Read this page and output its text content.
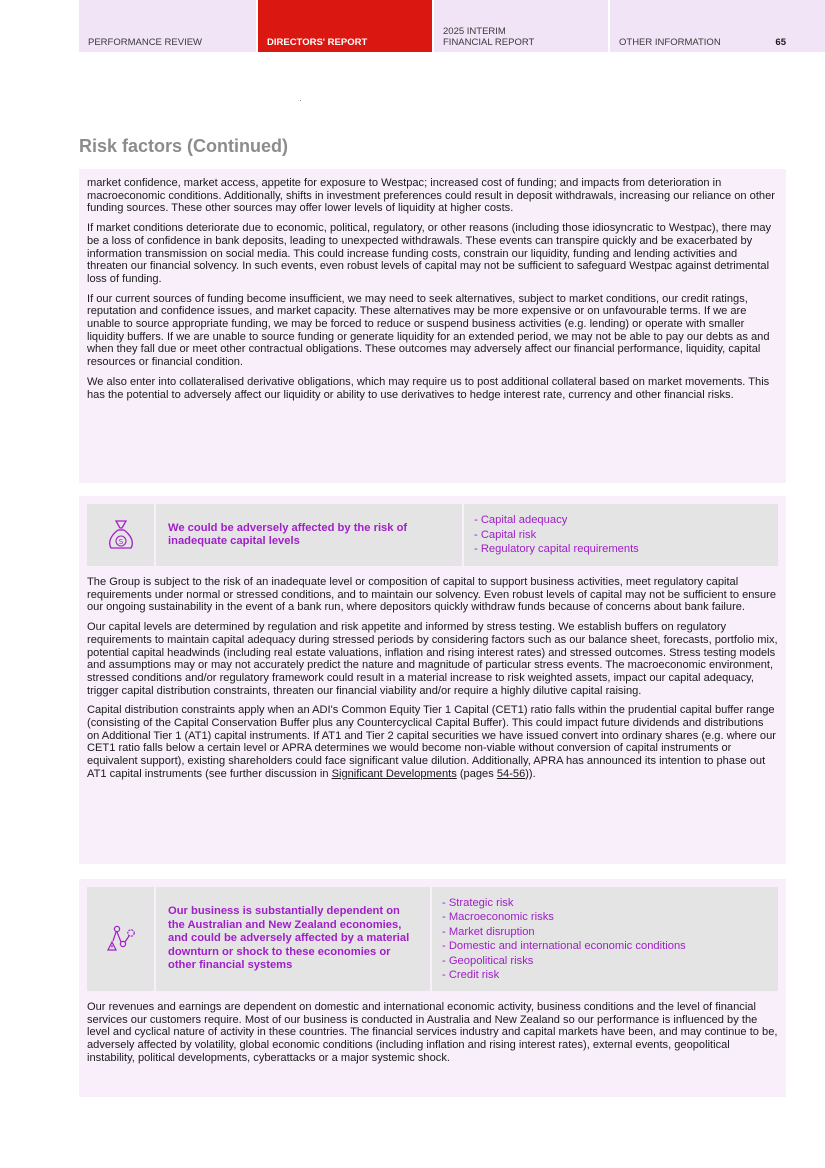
PERFORMANCE REVIEW	DIRECTORS' REPORT
2025 INTERIM
FINANCIAL REPORT	OTHER INFORMATION	65
Risk factors (Continued)

market confidence, market access, appetite for exposure to Westpac; increased cost of funding; and impacts from deterioration in macroeconomic conditions. Additionally, shifts in investment preferences could result in deposit withdrawals, increasing our reliance on other funding sources. These other sources may offer lower levels of liquidity at higher costs.

If market conditions deteriorate due to economic, political, regulatory, or other reasons (including those idiosyncratic to Westpac), there may be a loss of confidence in bank deposits, leading to unexpected withdrawals. These events can transpire quickly and be exacerbated by information transmission on social media. This could increase funding costs, constrain our liquidity, funding and lending activities and threaten our financial solvency. In such events, even robust levels of capital may not be sufficient to safeguard Westpac against detrimental loss of funding.

If our current sources of funding become insufficient, we may need to seek alternatives, subject to market conditions, our credit ratings, reputation and confidence issues, and market capacity. These alternatives may be more expensive or on unfavourable terms. If we are unable to source appropriate funding, we may be forced to reduce or suspend business activities (e.g. lending) or operate with smaller liquidity buffers. If we are unable to source funding or generate liquidity for an extended period, we may not be able to pay our debts as and when they fall due or meet other contractual obligations. These outcomes may adversely affect our financial performance, liquidity, capital resources or financial condition.

We also enter into collateralised derivative obligations, which may require us to post additional collateral based on market movements. This has the potential to adversely affect our liquidity or ability to use derivatives to hedge interest rate, currency and other financial risks.

S
We could be adversely affected by the risk of inadequate capital levels
- Capital adequacy
- Capital risk
- Regulatory capital requirements

The Group is subject to the risk of an inadequate level or composition of capital to support business activities, meet regulatory capital requirements under normal or stressed conditions, and to maintain our solvency. Even robust levels of capital may not be sufficient to ensure our ongoing sustainability in the event of a bank run, where depositors quickly withdraw funds because of concerns about bank failure.

Our capital levels are determined by regulation and risk appetite and informed by stress testing. We establish buffers on regulatory requirements to maintain capital adequacy during stressed periods by considering factors such as our balance sheet, forecasts, portfolio mix, potential capital headwinds (including real estate valuations, inflation and rising interest rates) and stressed outcomes. Stress testing models and assumptions may or may not accurately predict the nature and magnitude of particular stress events. The macroeconomic environment, stressed conditions and/or regulatory framework could result in a material increase to risk weighted assets, impact our capital adequacy, trigger capital distribution constraints, threaten our financial viability and/or require a highly dilutive capital raising.

Capital distribution constraints apply when an ADI's Common Equity Tier 1 Capital (CET1) ratio falls within the prudential capital buffer range (consisting of the Capital Conservation Buffer plus any Countercyclical Capital Buffer). This could impact future dividends and distributions on Additional Tier 1 (AT1) capital instruments. If AT1 and Tier 2 capital securities we have issued convert into ordinary shares (e.g. where our CET1 ratio falls below a certain level or APRA determines we would become non-viable without conversion of capital instruments or equivalent support), existing shareholders could face significant value dilution. Additionally, APRA has announced its intention to phase out AT1 capital instruments (see further discussion in Significant Developments (pages 54-56)).

Our business is substantially dependent on the Australian and New Zealand economies, and could be adversely affected by a material downturn or shock to these economies or other financial systems
- Strategic risk
- Macroeconomic risks
- Market disruption
- Domestic and international economic conditions
- Geopolitical risks
- Credit risk

Our revenues and earnings are dependent on domestic and international economic activity, business conditions and the level of financial services our customers require. Most of our business is conducted in Australia and New Zealand so our performance is influenced by the level and cyclical nature of activity in these countries. The financial services industry and capital markets have been, and may continue to be, adversely affected by volatility, global economic conditions (including inflation and rising interest rates), external events, geopolitical instability, political developments, cyberattacks or a major systemic shock.
